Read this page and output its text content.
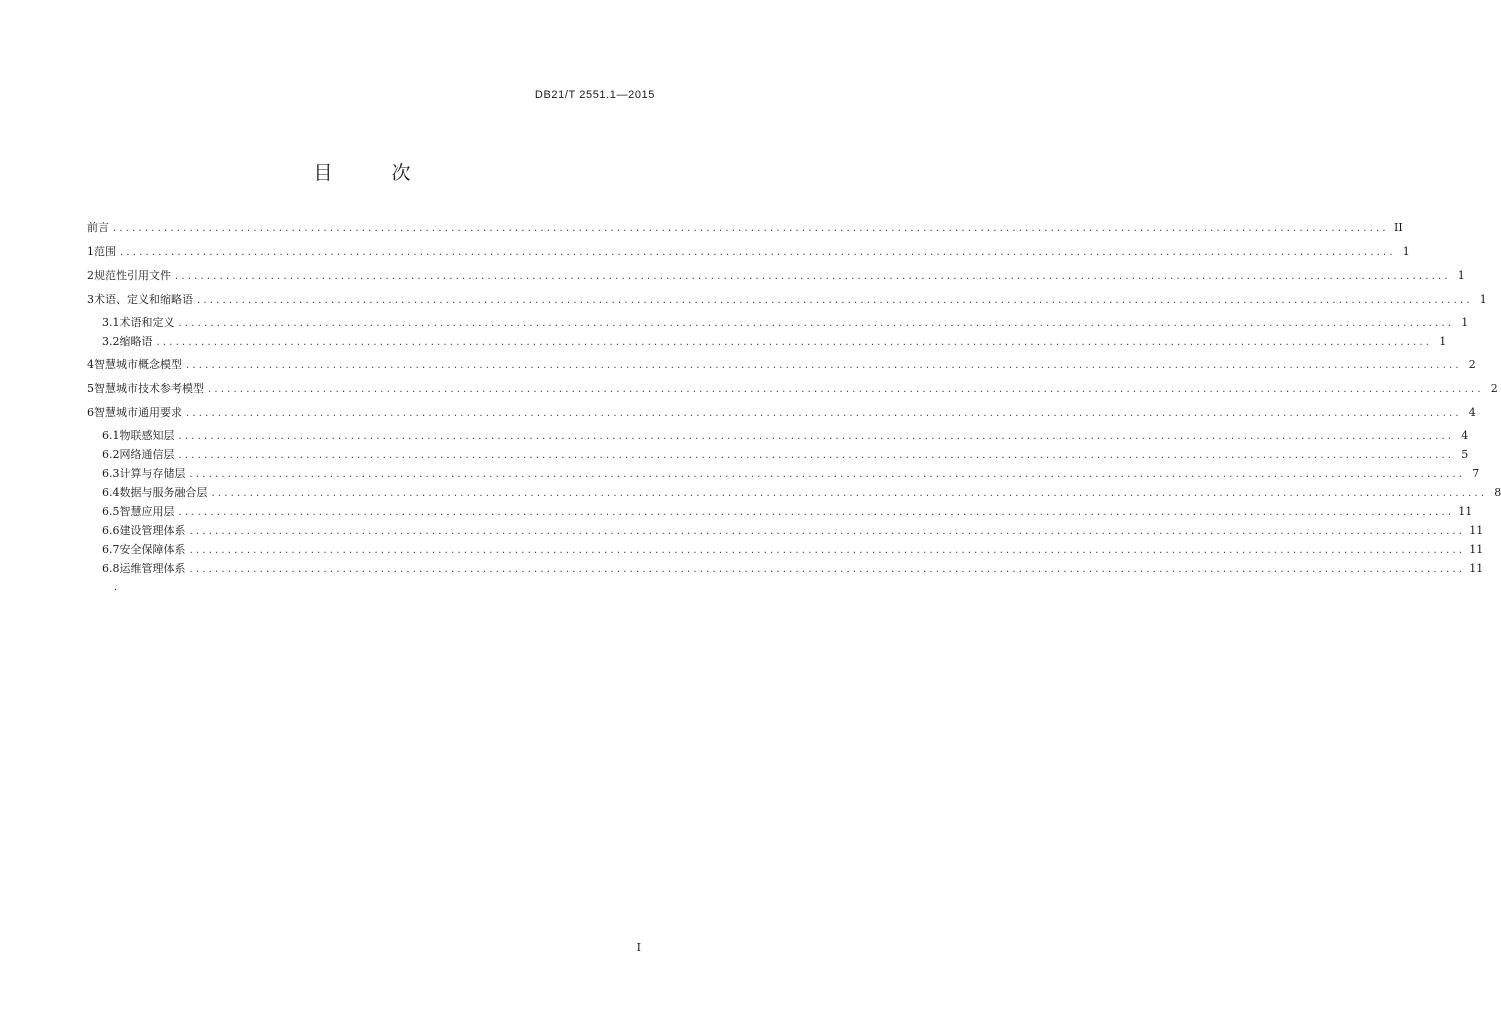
DB21/T 2551.1—2015
目　次
前言 ........................................................................................................................................................................................................ II
1 范围 ........................................................................................................................................................................................................ 1
2 规范性引用文件 ........................................................................................................................................................................................................ 1
3 术语、定义和缩略语 ........................................................................................................................................................................................................ 1
3.1 术语和定义 ........................................................................................................................................................................................................ 1
3.2 缩略语 ........................................................................................................................................................................................................ 1
4 智慧城市概念模型 ........................................................................................................................................................................................................ 2
5 智慧城市技术参考模型 ........................................................................................................................................................................................................ 2
6 智慧城市通用要求 ........................................................................................................................................................................................................ 4
6.1 物联感知层 ........................................................................................................................................................................................................ 4
6.2 网络通信层 ........................................................................................................................................................................................................ 5
6.3 计算与存储层 ........................................................................................................................................................................................................ 7
6.4 数据与服务融合层 ........................................................................................................................................................................................................ 8
6.5 智慧应用层 ........................................................................................................................................................................................................ 11
6.6 建设管理体系 ........................................................................................................................................................................................................ 11
6.7 安全保障体系 ........................................................................................................................................................................................................ 11
6.8 运维管理体系 ........................................................................................................................................................................................................ 11
·
I
